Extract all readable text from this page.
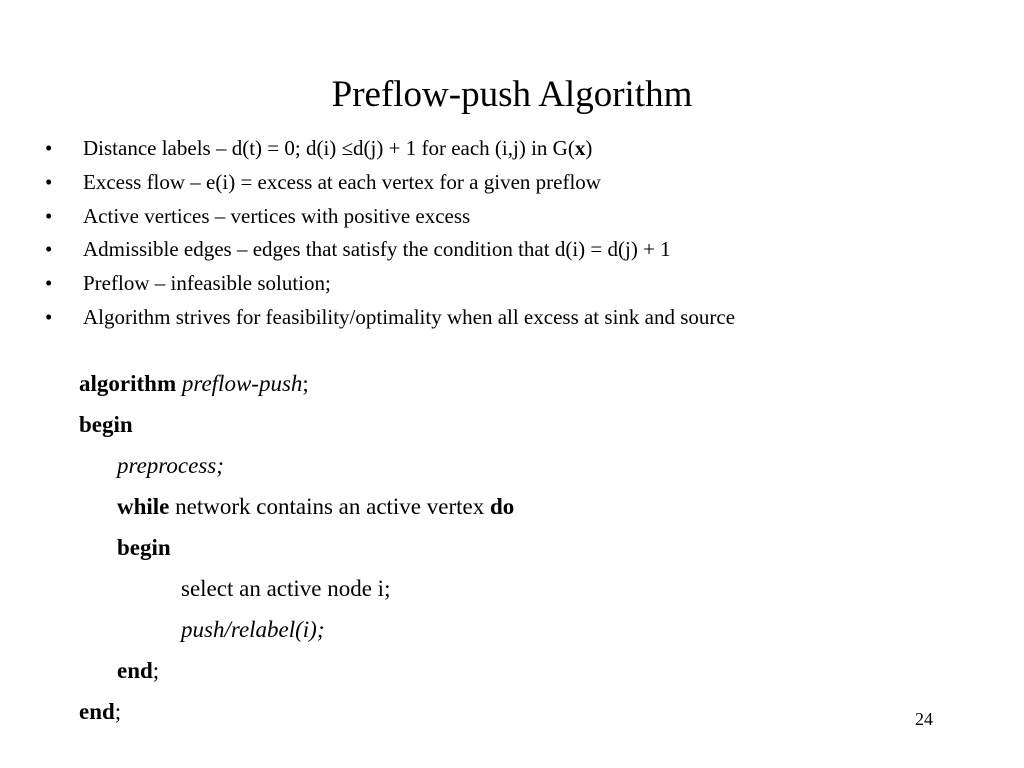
Preflow-push Algorithm
• Distance labels – d(t) = 0; d(i) ≤d(j) + 1 for each (i,j) in G(x)
• Excess flow – e(i) = excess at each vertex for a given preflow
• Active vertices – vertices with positive excess
• Admissible edges – edges that satisfy the condition that d(i) = d(j) + 1
• Preflow – infeasible solution;
• Algorithm strives for feasibility/optimality when all excess at sink and source
algorithm preflow-push;
begin
preprocess;
while network contains an active vertex do
begin
select an active node i;
push/relabel(i);
end;
end;	24
